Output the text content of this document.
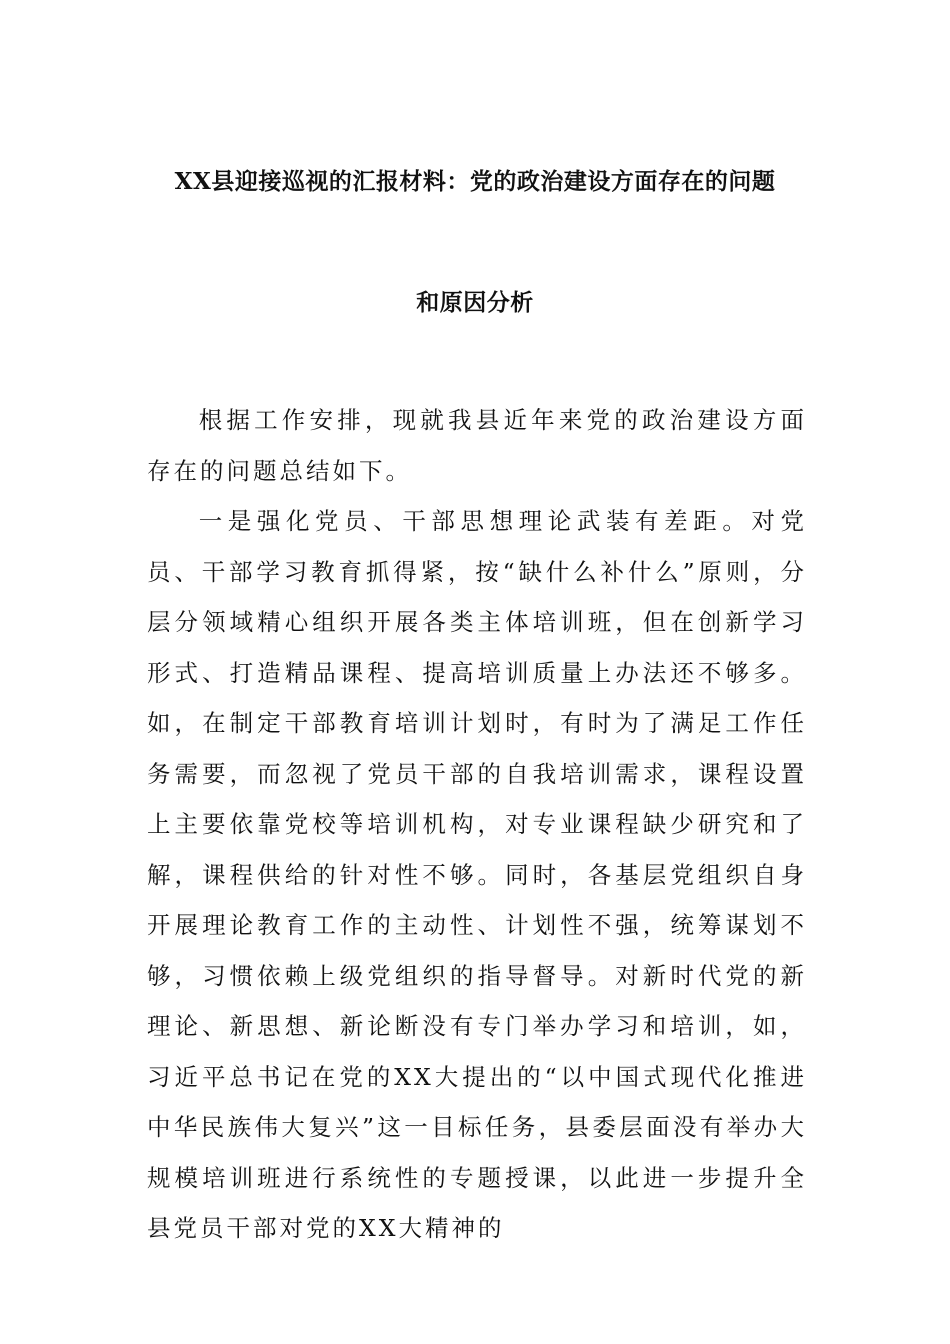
XX县迎接巡视的汇报材料：党的政治建设方面存在的问题
和原因分析

根据工作安排，现就我县近年来党的政治建设方面存在的问题总结如下。

一是强化党员、干部思想理论武装有差距。对党员、干部学习教育抓得紧，按“缺什么补什么”原则，分层分领域精心组织开展各类主体培训班，但在创新学习形式、打造精品课程、提高培训质量上办法还不够多。如，在制定干部教育培训计划时，有时为了满足工作任务需要，而忽视了党员干部的自我培训需求，课程设置上主要依靠党校等培训机构，对专业课程缺少研究和了解，课程供给的针对性不够。同时，各基层党组织自身开展理论教育工作的主动性、计划性不强，统筹谋划不够，习惯依赖上级党组织的指导督导。对新时代党的新理论、新思想、新论断没有专门举办学习和培训，如，习近平总书记在党的XX大提出的“以中国式现代化推进中华民族伟大复兴”这一目标任务，县委层面没有举办大规模培训班进行系统性的专题授课，以此进一步提升全县党员干部对党的XX大精神的
